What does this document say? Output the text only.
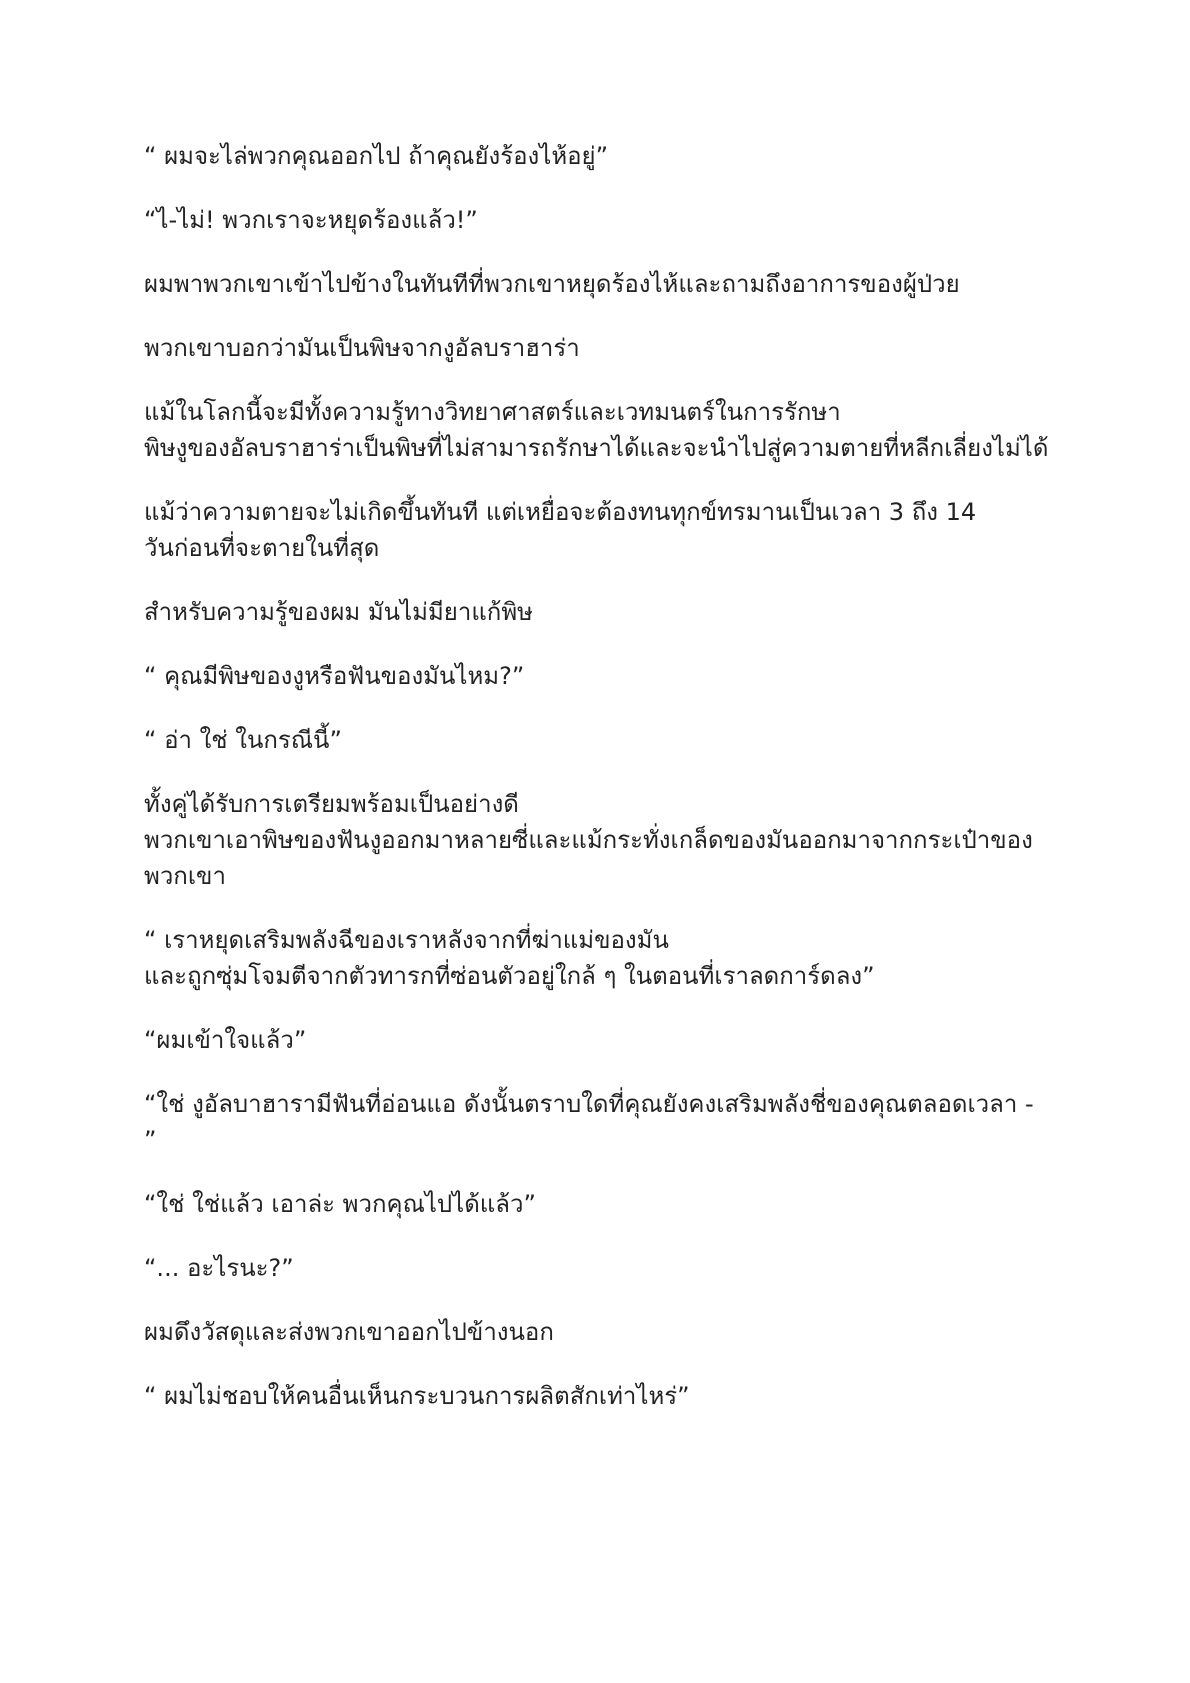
“ ผมจะไล่พวกคุณออกไป ถ้าคุณยังร้องไห้อยู่”

“ไ-ไม่! พวกเราจะหยุดร้องแล้ว!”

ผมพาพวกเขาเข้าไปข้างในทันทีที่พวกเขาหยุดร้องไห้และถามถึงอาการของผู้ป่วย

พวกเขาบอกว่ามันเป็นพิษจากงูอัลบราฮาร่า

แม้ในโลกนี้จะมีทั้งความรู้ทางวิทยาศาสตร์และเวทมนตร์ในการรักษา
พิษงูของอัลบราฮาร่าเป็นพิษที่ไม่สามารถรักษาได้และจะนำไปสู่ความตายที่หลีกเลี่ยงไม่ได้

แม้ว่าความตายจะไม่เกิดขึ้นทันที แต่เหยื่อจะต้องทนทุกข์ทรมานเป็นเวลา 3 ถึง 14
วันก่อนที่จะตายในที่สุด

สำหรับความรู้ของผม มันไม่มียาแก้พิษ

“ คุณมีพิษของงูหรือฟันของมันไหม?”

“ อ่า ใช่ ในกรณีนี้”

ทั้งคู่ได้รับการเตรียมพร้อมเป็นอย่างดี
พวกเขาเอาพิษของฟันงูออกมาหลายซี่และแม้กระทั่งเกล็ดของมันออกมาจากกระเป๋าของ
พวกเขา

“ เราหยุดเสริมพลังฉีของเราหลังจากที่ฆ่าแม่ของมัน
และถูกซุ่มโจมตีจากตัวทารกที่ซ่อนตัวอยู่ใกล้ ๆ ในตอนที่เราลดการ์ดลง”

“ผมเข้าใจแล้ว”

“ใช่ งูอัลบาฮารามีฟันที่อ่อนแอ ดังนั้นตราบใดที่คุณยังคงเสริมพลังชี่ของคุณตลอดเวลา -
”

“ใช่ ใช่แล้ว เอาล่ะ พวกคุณไปได้แล้ว”

“... อะไรนะ?”

ผมดึงวัสดุและส่งพวกเขาออกไปข้างนอก

“ ผมไม่ชอบให้คนอื่นเห็นกระบวนการผลิตสักเท่าไหร่”
